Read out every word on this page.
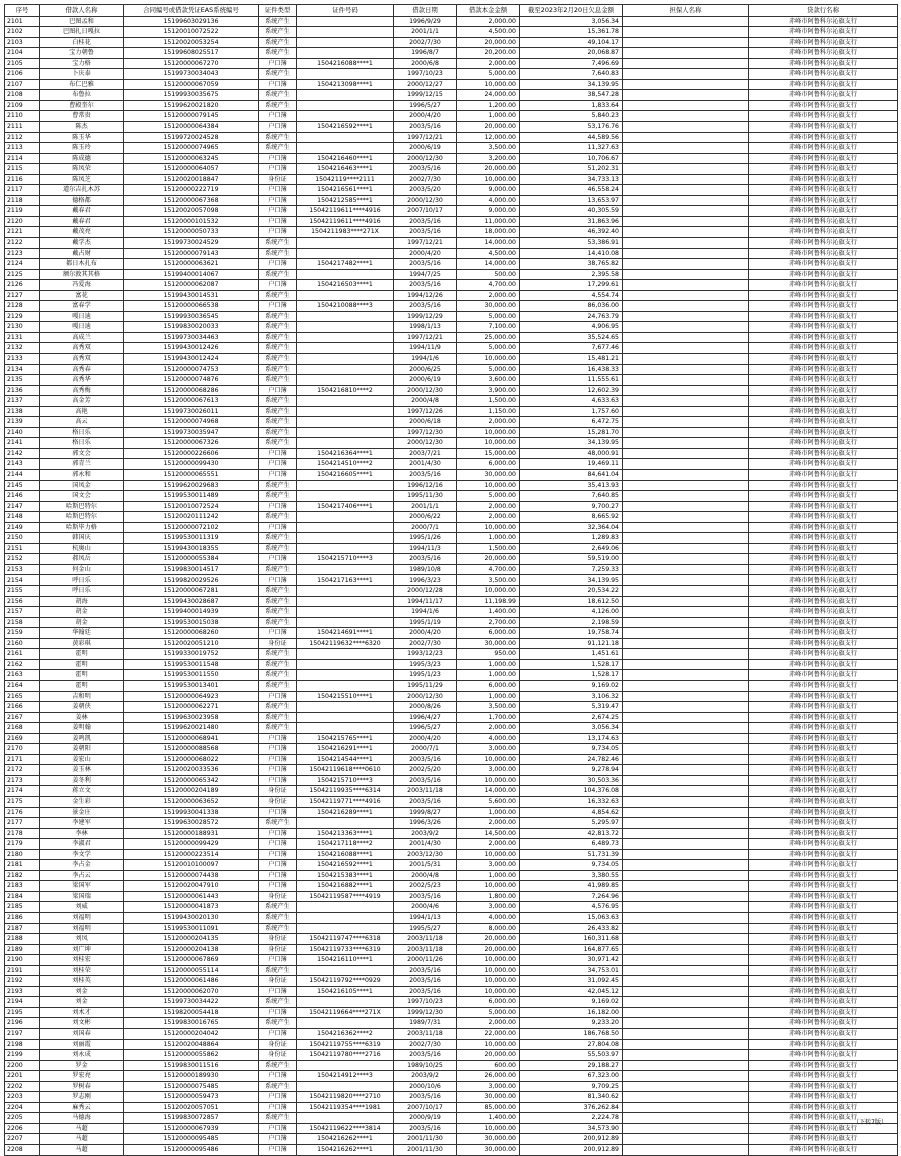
序号	借款人名称	合同编号或借款凭证EAS系统编号	证件类型	证件号码	借款日期	借款本金金额	截至2023年2月20日欠息金额	担保人名称	贷款行名称
2101	巴图孟和	15199603029136	系统产生		1996/9/29	2,000.00	3,056.34		赤峰市阿鲁科尔沁旗支行
2102	巴图扎日嘎拉	15120010072522	系统产生		2001/1/1	4,500.00	15,361.78		赤峰市阿鲁科尔沁旗支行
2103	白桂花	15120020053254	系统产生		2002/7/30	20,000.00	49,104.17		赤峰市阿鲁科尔沁旗支行
2104	宝力朝鲁	15199608025517	系统产生		1996/8/7	20,200.00	20,068.87		赤峰市阿鲁科尔沁旗支行
2105	宝力格	15120000067270	户口簿	1504216088****1	2000/6/8	2,000.00	7,496.69		赤峰市阿鲁科尔沁旗支行
2106	卜庆泰	15199730034043	系统产生		1997/10/23	5,000.00	7,640.83		赤峰市阿鲁科尔沁旗支行
2107	布仁巴雅	15120000067059	户口簿	1504213098****1	2000/12/27	10,000.00	34,139.95		赤峰市阿鲁科尔沁旗支行
2108	布鲁拉	15199930035675	系统产生		1999/12/15	24,000.00	38,547.28		赤峰市阿鲁科尔沁旗支行
2109	曹殿奎尔	15199620021820	系统产生		1996/5/27	1,200.00	1,833.64		赤峰市阿鲁科尔沁旗支行
2110	曹常贵	15120000079145	户口簿		2000/4/20	1,000.00	5,840.23		赤峰市阿鲁科尔沁旗支行
2111	陈杰	15120000064384	户口簿	1504216592****1	2003/5/16	20,000.00	53,176.76		赤峰市阿鲁科尔沁旗支行
2112	陈玉华	15199720024528	系统产生		1997/12/21	12,000.00	44,589.56		赤峰市阿鲁科尔沁旗支行
2113	陈玉玲	15120000074965	系统产生		2000/6/19	3,500.00	11,327.63		赤峰市阿鲁科尔沁旗支行
2114	陈成德	15120000063245	户口簿	1504216460****1	2000/12/30	3,200.00	10,706.67		赤峰市阿鲁科尔沁旗支行
2115	陈凤荣	15120000064057	户口簿	1504216463****1	2003/5/16	20,000.00	51,202.31		赤峰市阿鲁科尔沁旗支行
2116	陈凤芝	15120020018847	身份证	15042119****2111	2002/7/30	10,000.00	34,733.13		赤峰市阿鲁科尔沁旗支行
2117	道尔吉扎木苏	15120000222719	户口簿	1504216561****1	2003/5/20	9,000.00	46,558.24		赤峰市阿鲁科尔沁旗支行
2118	德格都	15120000067368	户口簿	1504212585****1	2000/12/30	4,000.00	13,653.97		赤峰市阿鲁科尔沁旗支行
2119	戴春君	15120020057098	户口簿	15042119611****4916	2007/10/17	9,000.00	40,305.59		赤峰市阿鲁科尔沁旗支行
2120	戴春君	15120000101532	户口簿	15042119611****4916	2003/5/16	11,000.00	31,863.96		赤峰市阿鲁科尔沁旗支行
2121	戴茂亮	15120000050733	户口簿	1504211983****271X	2003/5/16	18,000.00	46,392.40		赤峰市阿鲁科尔沁旗支行
2122	戴学杰	15199730024529	系统产生		1997/12/21	14,000.00	53,386.91		赤峰市阿鲁科尔沁旗支行
2123	戴占财	15120000079143	系统产生		2000/4/20	4,500.00	14,410.08		赤峰市阿鲁科尔沁旗支行
2124	都日木扎布	15120000063621	户口簿	1504217482****1	2003/5/16	14,000.00	38,765.82		赤峰市阿鲁科尔沁旗支行
2125	额尔敦其其格	15199400014067	系统产生		1994/7/25	500.00	2,395.58		赤峰市阿鲁科尔沁旗支行
2126	冯爱海	15120000062087	户口簿	1504216503****1	2003/5/16	4,700.00	17,299.61		赤峰市阿鲁科尔沁旗支行
2127	富花	15199430014531	系统产生		1994/12/26	2,000.00	4,554.74		赤峰市阿鲁科尔沁旗支行
2128	富春学	15120000066538	户口簿	1504210088****3	2003/5/16	30,000.00	86,036.00		赤峰市阿鲁科尔沁旗支行
2129	嘎日迪	15199930036545	系统产生		1999/12/29	5,000.00	24,763.79		赤峰市阿鲁科尔沁旗支行
2130	嘎日迪	15199830020033	系统产生		1998/1/13	7,100.00	4,906.95		赤峰市阿鲁科尔沁旗支行
2131	高成兰	15199730034463	系统产生		1997/12/21	25,000.00	35,524.65		赤峰市阿鲁科尔沁旗支行
2132	高秀双	15199430012426	系统产生		1994/11/9	5,000.00	7,677.46		赤峰市阿鲁科尔沁旗支行
2133	高秀双	15199430012424	系统产生		1994/1/6	10,000.00	15,481.21		赤峰市阿鲁科尔沁旗支行
2134	高秀春	15120000074753	系统产生		2000/6/25	5,000.00	16,438.33		赤峰市阿鲁科尔沁旗支行
2135	高秀华	15120000074876	系统产生		2000/6/19	3,600.00	11,555.61		赤峰市阿鲁科尔沁旗支行
2136	高秀梅	15120000068286	户口簿	1504216810****2	2000/12/30	3,900.00	12,602.39		赤峰市阿鲁科尔沁旗支行
2137	高金芳	15120000067613	系统产生		2000/4/8	1,500.00	4,633.63		赤峰市阿鲁科尔沁旗支行
2138	高艳	15199730026011	系统产生		1997/12/26	1,150.00	1,757.60		赤峰市阿鲁科尔沁旗支行
2139	高云	15120000074968	系统产生		2000/6/18	2,000.00	6,472.75		赤峰市阿鲁科尔沁旗支行
2140	格日乐	15199730035947	系统产生		1997/12/30	10,000.00	15,281.70		赤峰市阿鲁科尔沁旗支行
2141	格日乐	15120000067326	系统产生		2000/12/30	10,000.00	34,139.95		赤峰市阿鲁科尔沁旗支行
2142	郭文会	15120000226606	户口簿	1504216364****1	2003/7/21	15,000.00	48,000.91		赤峰市阿鲁科尔沁旗支行
2143	郭青兰	15120000099430	户口簿	1504214510****2	2001/4/30	6,000.00	19,469.11		赤峰市阿鲁科尔沁旗支行
2144	郭永和	15120000065551	户口簿	1504216605****1	2003/5/16	30,000.00	84,641.04		赤峰市阿鲁科尔沁旗支行
2145	国凤金	15199620029683	系统产生		1996/12/16	10,000.00	35,413.93		赤峰市阿鲁科尔沁旗支行
2146	国文会	15199530011489	系统产生		1995/11/30	5,000.00	7,640.85		赤峰市阿鲁科尔沁旗支行
2147	哈斯巴特尔	15120010072524	户口簿	1504217406****1	2001/1/1	2,000.00	9,700.27		赤峰市阿鲁科尔沁旗支行
2148	哈斯巴特尔	15120020111242	系统产生		2000/6/22	2,000.00	8,665.92		赤峰市阿鲁科尔沁旗支行
2149	哈斯毕力格	15120000072102	户口簿		2000/7/1	10,000.00	32,364.04		赤峰市阿鲁科尔沁旗支行
2150	韩国庆	15199530011319	系统产生		1995/1/26	1,000.00	1,289.83		赤峰市阿鲁科尔沁旗支行
2151	杭奥山	15199430018355	系统产生		1994/11/3	1,500.00	2,649.06		赤峰市阿鲁科尔沁旗支行
2152	郝凤岳	15120000055384	户口簿	1504215710****3	2003/5/16	20,000.00	59,519.00		赤峰市阿鲁科尔沁旗支行
2153	何金山	15199830014517	系统产生		1989/10/8	4,700.00	7,259.33		赤峰市阿鲁科尔沁旗支行
2154	呼日乐	15199820029526	户口簿	1504217163****1	1996/3/23	3,500.00	34,139.95		赤峰市阿鲁科尔沁旗支行
2155	呼日乐	15120000067281	系统产生		2000/12/28	10,000.00	20,534.22		赤峰市阿鲁科尔沁旗支行
2156	胡海	15199430028687	系统产生		1994/11/17	11,198.99	18,612.50		赤峰市阿鲁科尔沁旗支行
2157	胡金	15199400014939	系统产生		1994/1/6	1,400.00	4,126.00		赤峰市阿鲁科尔沁旗支行
2158	胡金	15199530015038	系统产生		1995/1/19	2,700.00	2,198.59		赤峰市阿鲁科尔沁旗支行
2159	华翰廷	15120000068260	户口簿	1504214691****1	2000/4/20	6,000.00	19,758.74		赤峰市阿鲁科尔沁旗支行
2160	黄彩琪	15120020051210	身份证	15042119632****6320	2002/7/30	30,000.00	91,121.18		赤峰市阿鲁科尔沁旗支行
2161	霍明	15199330019752	系统产生		1993/12/23	950.00	1,451.61		赤峰市阿鲁科尔沁旗支行
2162	霍明	15199530011548	系统产生		1995/3/23	1,000.00	1,528.17		赤峰市阿鲁科尔沁旗支行
2163	霍明	15199530011550	系统产生		1995/1/23	1,000.00	1,528.17		赤峰市阿鲁科尔沁旗支行
2164	霍明	15199530013401	系统产生		1995/11/29	6,000.00	9,169.02		赤峰市阿鲁科尔沁旗支行
2165	吉和明	15120000064923	户口簿	1504215510****1	2000/12/30	1,000.00	3,106.32		赤峰市阿鲁科尔沁旗支行
2166	姜朝侠	15120000062271	系统产生		2000/8/26	3,500.00	5,319.47		赤峰市阿鲁科尔沁旗支行
2167	姜林	15199630023958	系统产生		1996/4/27	1,700.00	2,674.25		赤峰市阿鲁科尔沁旗支行
2168	姜明翰	15199620021480	系统产生		1996/5/27	2,000.00	3,056.34		赤峰市阿鲁科尔沁旗支行
2169	姜鸣凯	15120000068941	户口簿	1504215765****1	2000/4/20	4,000.00	13,174.63		赤峰市阿鲁科尔沁旗支行
2170	姜朝阳	15120000088568	户口簿	1504216291****1	2000/7/1	3,000.00	9,734.05		赤峰市阿鲁科尔沁旗支行
2171	姜宏山	15120000068022	户口簿	1504214544****1	2003/5/16	10,000.00	24,782.46		赤峰市阿鲁科尔沁旗支行
2172	姜玉林	15120020033536	户口簿	15042119618****0610	2002/5/20	3,000.00	9,278.94		赤峰市阿鲁科尔沁旗支行
2173	姜冬利	15120000065342	户口簿	1504215710****3	2003/5/16	10,000.00	30,503.36		赤峰市阿鲁科尔沁旗支行
2174	蒋立文	15120000204189	身份证	15042119935****6314	2003/11/18	14,000.00	104,376.08		赤峰市阿鲁科尔沁旗支行
2175	金生彩	15120000063652	身份证	15042119771****4916	2003/5/16	5,600.00	16,332.63		赤峰市阿鲁科尔沁旗支行
2176	景金庄	15199930041338	户口簿	1504216289****1	1999/8/27	1,000.00	4,854.62		赤峰市阿鲁科尔沁旗支行
2177	李建军	15199630028572	系统产生		1996/3/26	2,000.00	5,295.97		赤峰市阿鲁科尔沁旗支行
2178	李林	15120000188931	户口簿	1504213363****1	2003/9/2	14,500.00	42,813.72		赤峰市阿鲁科尔沁旗支行
2179	李淑君	15120000099429	户口簿	1504217118****2	2001/4/30	2,000.00	6,489.73		赤峰市阿鲁科尔沁旗支行
2180	李文学	15120000223514	户口簿	1504216088****1	2003/12/30	10,000.00	51,731.39		赤峰市阿鲁科尔沁旗支行
2181	李占金	15120010100097	户口簿	1504216592****1	2001/5/31	3,000.00	9,734.05		赤峰市阿鲁科尔沁旗支行
2182	李占云	15120000074438	户口簿	1504215383****1	2000/4/8	1,000.00	3,380.55		赤峰市阿鲁科尔沁旗支行
2183	梁国军	15120020047910	户口簿	1504216882****1	2002/5/23	10,000.00	41,989.85		赤峰市阿鲁科尔沁旗支行
2184	梁国瑞	15120000061443	身份证	15042119587****4919	2003/5/16	1,800.00	7,264.96		赤峰市阿鲁科尔沁旗支行
2185	刘威	15120000041873	系统产生		2000/4/6	3,000.00	4,576.95		赤峰市阿鲁科尔沁旗支行
2186	刘福明	15199430020130	系统产生		1994/1/13	4,000.00	15,063.63		赤峰市阿鲁科尔沁旗支行
2187	刘福明	15199530011091	系统产生		1995/5/27	8,000.00	26,433.82		赤峰市阿鲁科尔沁旗支行
2188	刘凤	15120000204135	身份证	15042119747****6318	2003/11/18	20,000.00	160,311.68		赤峰市阿鲁科尔沁旗支行
2189	刘广坤	15120000204138	身份证	15042119733****6319	2003/11/18	20,000.00	164,877.65		赤峰市阿鲁科尔沁旗支行
2190	刘桂宏	15120000067869	户口簿	1504216110****1	2000/11/26	10,000.00	30,971.42		赤峰市阿鲁科尔沁旗支行
2191	刘桂荣	15120000055114	系统产生		2003/5/16	10,000.00	34,753.01		赤峰市阿鲁科尔沁旗支行
2192	刘桂英	15120000061486	身份证	15042119792****0929	2003/5/16	10,000.00	31,092.45		赤峰市阿鲁科尔沁旗支行
2193	刘金	15120000062070	户口簿	1504216105****1	2003/5/16	10,000.00	42,045.12		赤峰市阿鲁科尔沁旗支行
2194	刘金	15199730034422	系统产生		1997/10/23	6,000.00	9,169.02		赤峰市阿鲁科尔沁旗支行
2195	刘术才	15198200054418	户口簿	15042119664****271X	1999/12/30	5,000.00	16,182.00		赤峰市阿鲁科尔沁旗支行
2196	刘文彬	15199830016765	系统产生		1989/7/31	2,000.00	9,233.20		赤峰市阿鲁科尔沁旗支行
2197	刘国春	15120000204042	户口簿	1504216362****2	2003/11/18	22,000.00	186,768.50		赤峰市阿鲁科尔沁旗支行
2198	刘丽霞	15120020048864	身份证	15042119755****6319	2002/7/30	10,000.00	27,804.08		赤峰市阿鲁科尔沁旗支行
2199	刘永成	15120000055862	身份证	15042119780****2716	2003/5/16	20,000.00	55,503.97		赤峰市阿鲁科尔沁旗支行
2200	罗金	15199830011516	系统产生		1989/10/25	600.00	29,188.27		赤峰市阿鲁科尔沁旗支行
2201	罗宏亮	15120000189930	户口簿	1504214912****3	2003/9/2	26,000.00	67,323.00		赤峰市阿鲁科尔沁旗支行
2202	罗树春	15120000075485	系统产生		2000/10/6	3,000.00	9,709.25		赤峰市阿鲁科尔沁旗支行
2203	罗志刚	15120000059473	户口簿	15042119820****2710	2003/5/16	30,000.00	81,340.62		赤峰市阿鲁科尔沁旗支行
2204	麻秀云	15120020057051	户口簿	15042119354****1981	2007/10/17	85,000.00	376,262.84		赤峰市阿鲁科尔沁旗支行
2205	马德海	15199830072857	系统产生		2000/9/19	1,400.00	2,224.78		赤峰市阿鲁科尔沁旗支行
2206	马超	15120000067939	户口簿	15042119622****3814	2003/5/16	10,000.00	34,573.90		赤峰市阿鲁科尔沁旗支行
2207	马超	15120000095485	户口簿	1504216262****1	2001/11/30	30,000.00	200,912.89		赤峰市阿鲁科尔沁旗支行
2208	马超	15120000095486	户口簿	1504216262****1	2001/11/30	30,000.00	200,912.89		赤峰市阿鲁科尔沁旗支行
（下转7版）
